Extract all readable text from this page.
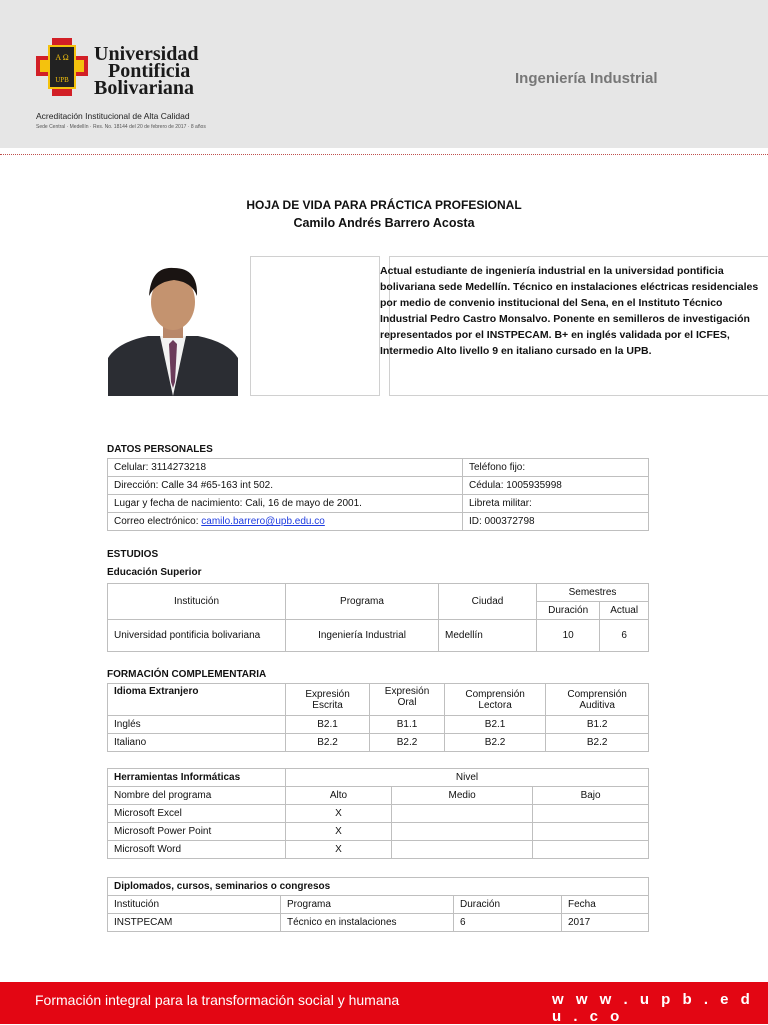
A Ω
UPB
Universidad
Pontificia
Bolivariana
Acreditación Institucional de Alta Calidad
Sede Central · Medellín · Res. No. 18144 del 20 de febrero de 2017 · 8 años
Ingeniería Industrial
HOJA DE VIDA PARA PRÁCTICA PROFESIONAL
Camilo Andrés Barrero Acosta

Actual estudiante de ingeniería industrial en la universidad pontificia bolivariana sede Medellín. Técnico en instalaciones eléctricas residenciales por medio de convenio institucional del Sena, en el Instituto Técnico Industrial Pedro Castro Monsalvo. Ponente en semilleros de investigación representados por el INSTPECAM. B+ en inglés validada por el ICFES, Intermedio Alto livello 9 en italiano cursado en la UPB.

DATOS PERSONALES
Celular: 3114273218	Teléfono fijo:
Dirección: Calle 34 #65-163 int 502.	Cédula: 1005935998
Lugar y fecha de nacimiento: Cali, 16 de mayo de 2001.	Libreta militar:
Correo electrónico: camilo.barrero@upb.edu.co	ID: 000372798
ESTUDIOS
Educación Superior
Institución	Programa	Ciudad	Semestres	
			Duración	Actual
Universidad pontificia bolivariana	Ingeniería Industrial	Medellín	10	6
FORMACIÓN COMPLEMENTARIA
Idioma Extranjero	Expresión Escrita	Expresión Oral	Comprensión Lectora	Comprensión Auditiva
Inglés	B2.1	B1.1	B2.1	B1.2
Italiano	B2.2	B2.2	B2.2	B2.2
Herramientas Informáticas	Nivel		
Nombre del programa	Alto	Medio	Bajo
Microsoft Excel	X		
Microsoft Power Point	X		
Microsoft Word	X		
Diplomados, cursos, seminarios o congresos			
Institución	Programa	Duración	Fecha
INSTPECAM	Técnico en instalaciones	6	2017
Formación integral para la transformación social y humana	w w w . u p b . e d u . c o
